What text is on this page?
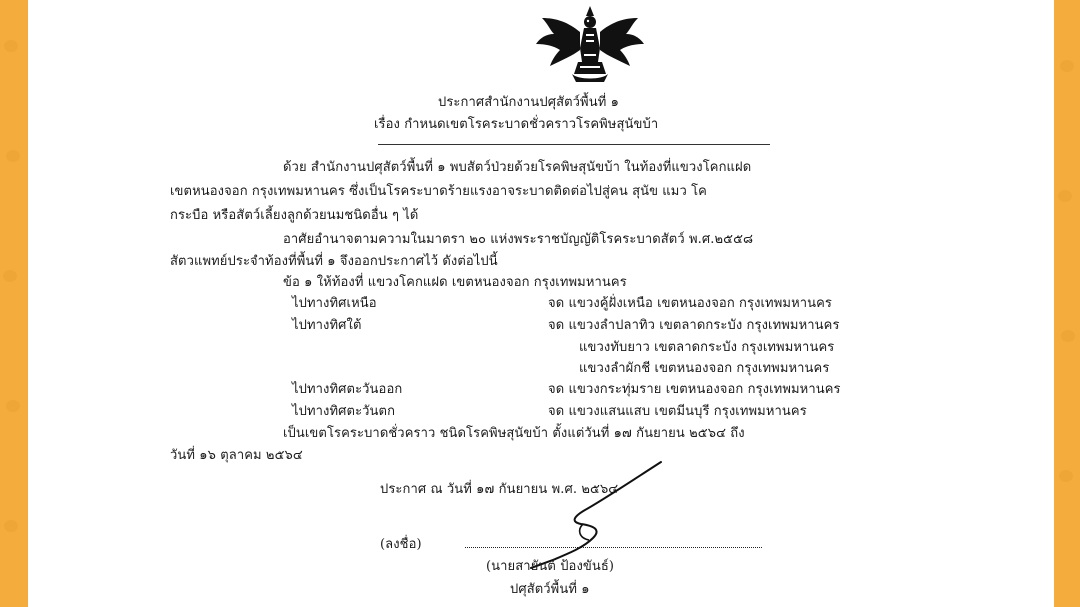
ประกาศสำนักงานปศุสัตว์พื้นที่ ๑
เรื่อง กำหนดเขตโรคระบาดชั่วคราวโรคพิษสุนัขบ้า
ด้วย สำนักงานปศุสัตว์พื้นที่ ๑ พบสัตว์ป่วยด้วยโรคพิษสุนัขบ้า ในท้องที่แขวงโคกแฝด
เขตหนองจอก กรุงเทพมหานคร ซึ่งเป็นโรคระบาดร้ายแรงอาจระบาดติดต่อไปสู่คน สุนัข แมว โค
กระบือ หรือสัตว์เลี้ยงลูกด้วยนมชนิดอื่น ๆ ได้
อาศัยอำนาจตามความในมาตรา ๒๐ แห่งพระราชบัญญัติโรคระบาดสัตว์ พ.ศ.๒๕๕๘
สัตวแพทย์ประจำท้องที่พื้นที่ ๑ จึงออกประกาศไว้ ดังต่อไปนี้
ข้อ ๑ ให้ท้องที่ แขวงโคกแฝด เขตหนองจอก กรุงเทพมหานคร
ไปทางทิศเหนือ	จด แขวงคู้ฝั่งเหนือ เขตหนองจอก กรุงเทพมหานคร
ไปทางทิศใต้	จด แขวงลำปลาทิว เขตลาดกระบัง กรุงเทพมหานคร
แขวงทับยาว เขตลาดกระบัง กรุงเทพมหานคร
แขวงลำผักชี เขตหนองจอก กรุงเทพมหานคร
ไปทางทิศตะวันออก	จด แขวงกระทุ่มราย เขตหนองจอก กรุงเทพมหานคร
ไปทางทิศตะวันตก	จด แขวงแสนแสบ เขตมีนบุรี กรุงเทพมหานคร
เป็นเขตโรคระบาดชั่วคราว ชนิดโรคพิษสุนัขบ้า ตั้งแต่วันที่ ๑๗ กันยายน ๒๕๖๔ ถึง
วันที่ ๑๖ ตุลาคม ๒๕๖๔
ประกาศ ณ วันที่ ๑๗ กันยายน พ.ศ. ๒๕๖๔
(ลงชื่อ)
(นายสายันต์ ป้องขันธ์)
ปศุสัตว์พื้นที่ ๑
